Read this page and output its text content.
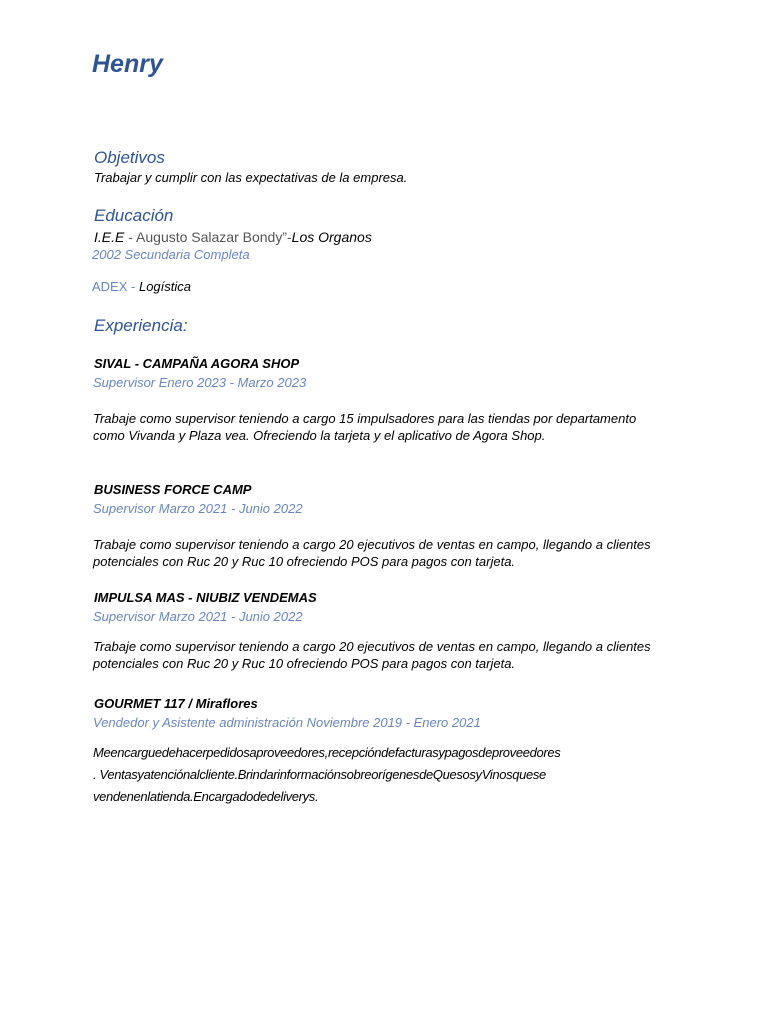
Henry
Objetivos
Trabajar y cumplir con las expectativas de la empresa.
Educación
I.E.E - Augusto Salazar Bondy”-Los Organos
2002 Secundaria Completa
ADEX - Logística
Experiencia:
SIVAL - CAMPAÑA AGORA SHOP
Supervisor Enero 2023 - Marzo 2023
Trabaje como supervisor teniendo a cargo 15 impulsadores para las tiendas por departamento como Vivanda y Plaza vea. Ofreciendo la tarjeta y el aplicativo de Agora Shop.
BUSINESS FORCE CAMP
Supervisor Marzo 2021 - Junio 2022
Trabaje como supervisor teniendo a cargo 20 ejecutivos de ventas en campo, llegando a clientes potenciales con Ruc 20 y Ruc 10 ofreciendo POS para pagos con tarjeta.
IMPULSA MAS - NIUBIZ VENDEMAS
Supervisor Marzo 2021 - Junio 2022
Trabaje como supervisor teniendo a cargo 20 ejecutivos de ventas en campo, llegando a clientes potenciales con Ruc 20 y Ruc 10 ofreciendo POS para pagos con tarjeta.
GOURMET 117 / Miraflores
Vendedor y Asistente administración Noviembre 2019 - Enero 2021
Meencarguedehacerpedidosaproveedores,recepcióndefacturasypagosdeproveedores
. Ventasyatenciónalcliente.BrindarinformaciónsobreorígenesdeQuesosyVinosquese
vendenenlatienda.Encargadodedeliverys.
